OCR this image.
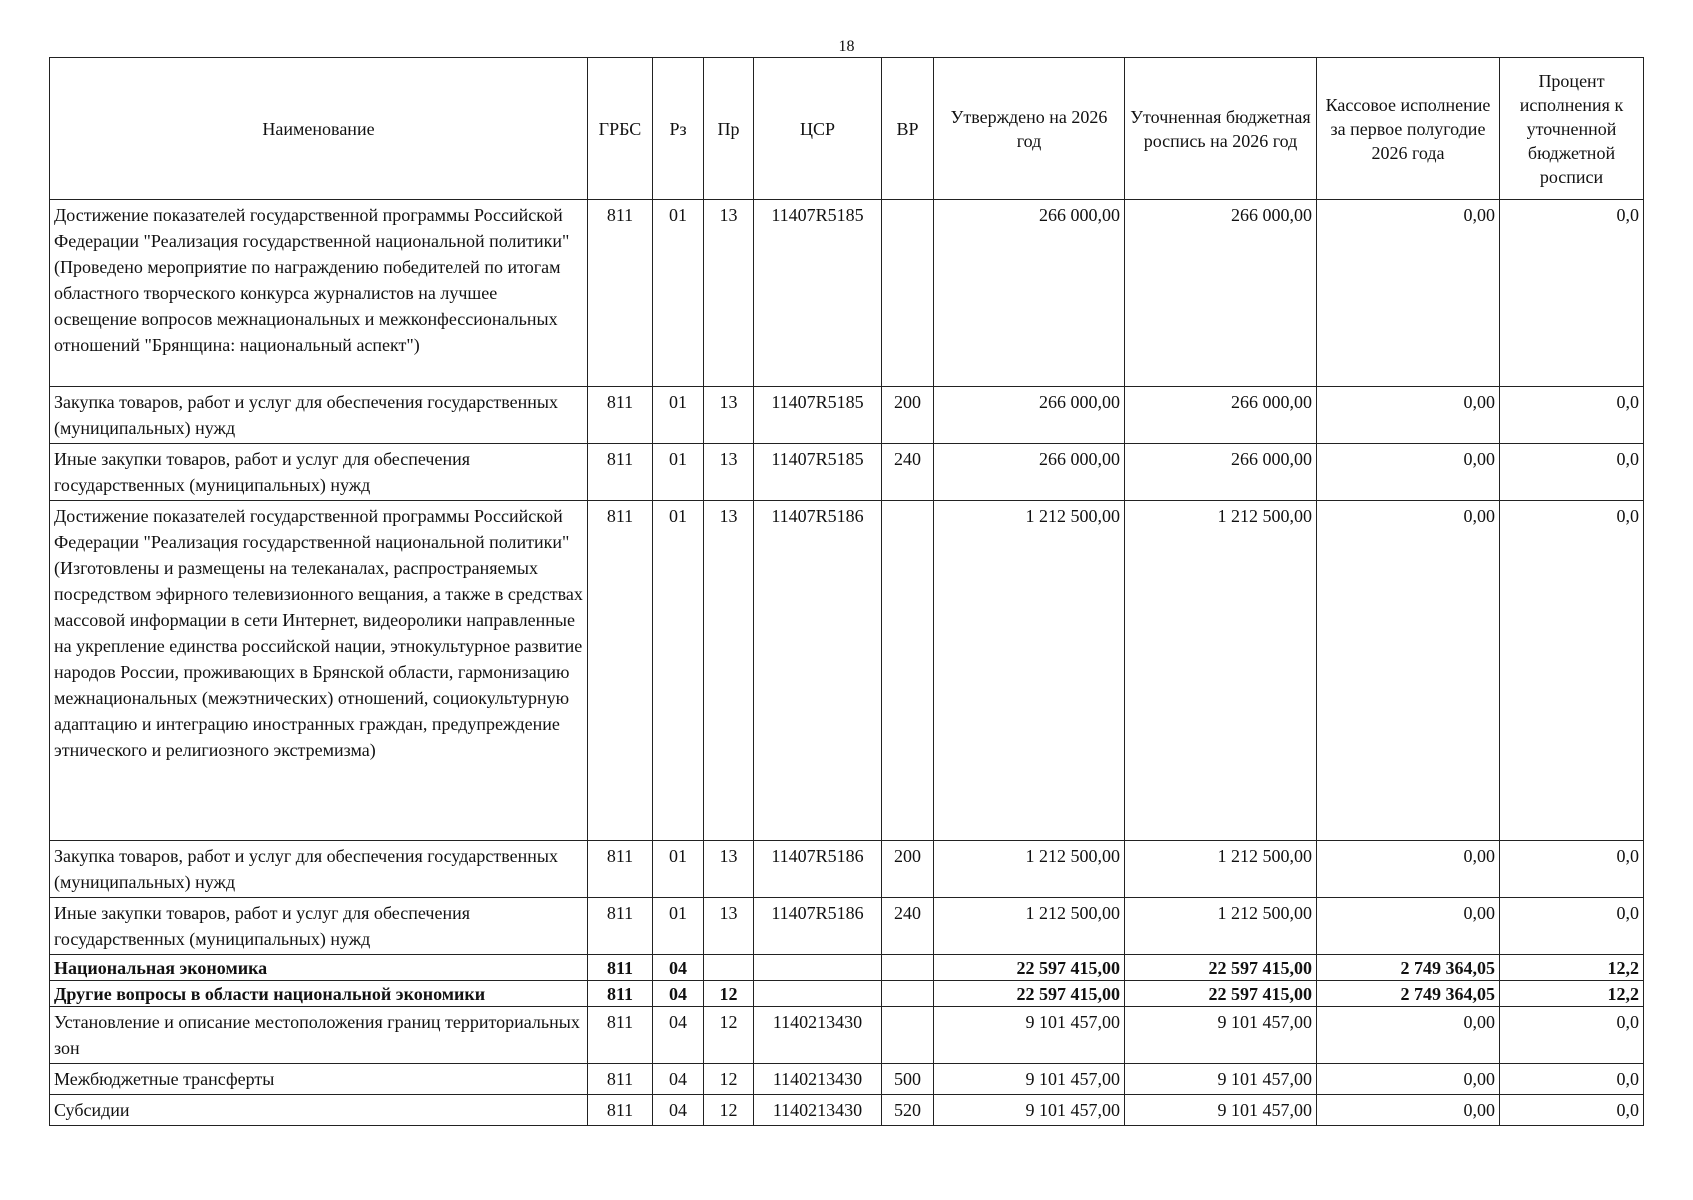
18
Наименование	ГРБС	Рз	Пр	ЦСР	ВР	Утверждено на 2026 год	Уточненная бюджетная роспись на 2026 год	Кассовое исполнение за первое полугодие 2026 года	Процент исполнения к уточненной бюджетной росписи
Достижение показателей государственной программы Российской Федерации "Реализация государственной национальной политики" (Проведено мероприятие по награждению победителей по итогам областного творческого конкурса журналистов на лучшее освещение вопросов межнациональных и межконфессиональных отношений "Брянщина: национальный аспект")	811	01	13	11407R5185		266 000,00	266 000,00	0,00	0,0
Закупка товаров, работ и услуг для обеспечения государственных (муниципальных) нужд	811	01	13	11407R5185	200	266 000,00	266 000,00	0,00	0,0
Иные закупки товаров, работ и услуг для обеспечения государственных (муниципальных) нужд	811	01	13	11407R5185	240	266 000,00	266 000,00	0,00	0,0
Достижение показателей государственной программы Российской Федерации "Реализация государственной национальной политики" (Изготовлены и размещены на телеканалах, распространяемых посредством эфирного телевизионного вещания, а также в средствах массовой информации в сети Интернет, видеоролики направленные на укрепление единства российской нации, этнокультурное развитие народов России, проживающих в Брянской области, гармонизацию межнациональных (межэтнических) отношений, социокультурную адаптацию и интеграцию иностранных граждан, предупреждение этнического и религиозного экстремизма)	811	01	13	11407R5186		1 212 500,00	1 212 500,00	0,00	0,0
Закупка товаров, работ и услуг для обеспечения государственных (муниципальных) нужд	811	01	13	11407R5186	200	1 212 500,00	1 212 500,00	0,00	0,0
Иные закупки товаров, работ и услуг для обеспечения государственных (муниципальных) нужд	811	01	13	11407R5186	240	1 212 500,00	1 212 500,00	0,00	0,0
Национальная экономика	811	04				22 597 415,00	22 597 415,00	2 749 364,05	12,2
Другие вопросы в области национальной экономики	811	04	12			22 597 415,00	22 597 415,00	2 749 364,05	12,2
Установление и описание местоположения границ территориальных зон	811	04	12	1140213430		9 101 457,00	9 101 457,00	0,00	0,0
Межбюджетные трансферты	811	04	12	1140213430	500	9 101 457,00	9 101 457,00	0,00	0,0
Субсидии	811	04	12	1140213430	520	9 101 457,00	9 101 457,00	0,00	0,0
